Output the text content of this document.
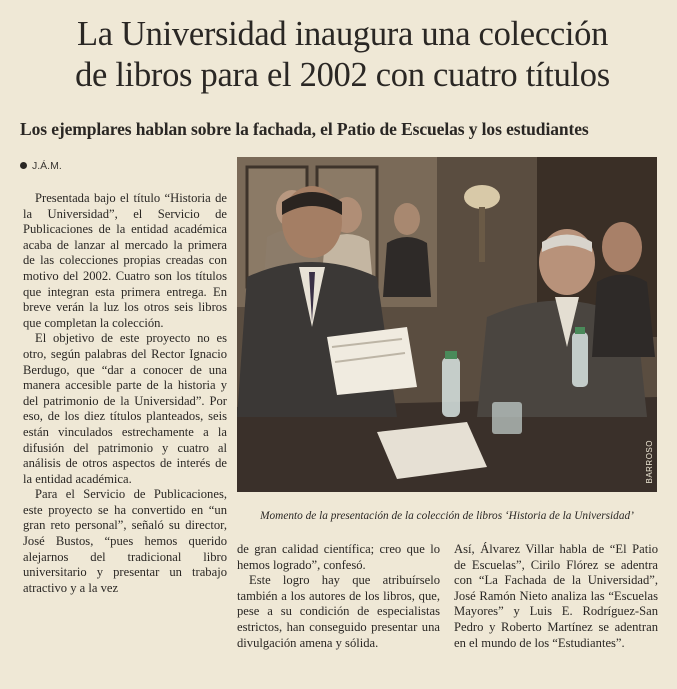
La Universidad inaugura una colección
de libros para el 2002 con cuatro títulos
Los ejemplares hablan sobre la fachada, el Patio de Escuelas y los estudiantes
J.Á.M.

Presentada bajo el título “Historia de la Universidad”, el Servicio de Publicaciones de la entidad académica acaba de lanzar al mercado la primera de las colecciones propias creadas con motivo del 2002. Cuatro son los títulos que integran esta primera entrega. En breve verán la luz los otros seis libros que completan la colección.

El objetivo de este proyecto no es otro, según palabras del Rector Ignacio Berdugo, que “dar a conocer de una manera accesible parte de la historia y del patrimonio de la Universidad”. Por eso, de los diez títulos planteados, seis están vinculados estrechamente a la difusión del patrimonio y cuatro al análisis de otros aspectos de interés de la entidad académica.

Para el Servicio de Publicaciones, este proyecto se ha convertido en “un gran reto personal”, señaló su director, José Bustos, “pues hemos querido alejarnos del tradicional libro universitario y presentar un trabajo atractivo y a la vez

BARROSO
Momento de la presentación de la colección de libros ‘Historia de la Universidad’

de gran calidad científica; creo que lo hemos logrado”, confesó.

Este logro hay que atribuírselo también a los autores de los libros, que, pese a su condición de especialistas estrictos, han conseguido presentar una divulgación amena y sólida.

Así, Álvarez Villar habla de “El Patio de Escuelas”, Cirilo Flórez se adentra con “La Fachada de la Universidad”, José Ramón Nieto analiza las “Escuelas Mayores” y Luis E. Rodríguez-San Pedro y Roberto Martínez se adentran en el mundo de los “Estudiantes”.
